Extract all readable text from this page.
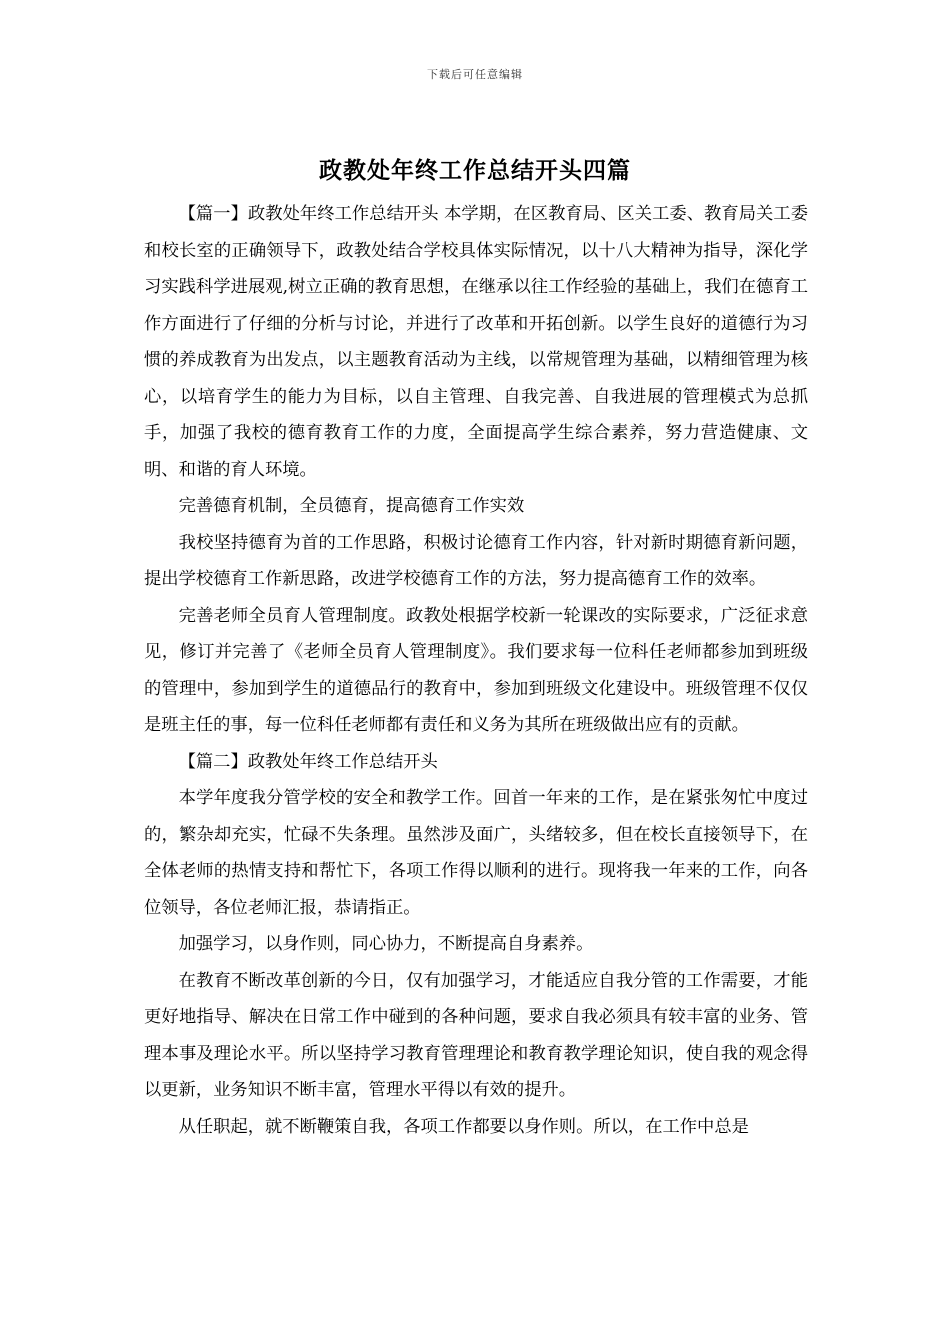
下载后可任意编辑
政教处年终工作总结开头四篇

【篇一】政教处年终工作总结开头 本学期，在区教育局、区关工委、教育局关工委和校长室的正确领导下，政教处结合学校具体实际情况，以十八大精神为指导，深化学习实践科学进展观,树立正确的教育思想，在继承以往工作经验的基础上，我们在德育工作方面进行了仔细的分析与讨论，并进行了改革和开拓创新。以学生良好的道德行为习惯的养成教育为出发点，以主题教育活动为主线，以常规管理为基础，以精细管理为核心，以培育学生的能力为目标，以自主管理、自我完善、自我进展的管理模式为总抓手，加强了我校的德育教育工作的力度，全面提高学生综合素养，努力营造健康、文明、和谐的育人环境。

完善德育机制，全员德育，提高德育工作实效

我校坚持德育为首的工作思路，积极讨论德育工作内容，针对新时期德育新问题，提出学校德育工作新思路，改进学校德育工作的方法，努力提高德育工作的效率。

完善老师全员育人管理制度。政教处根据学校新一轮课改的实际要求，广泛征求意见，修订并完善了《老师全员育人管理制度》。我们要求每一位科任老师都参加到班级的管理中，参加到学生的道德品行的教育中，参加到班级文化建设中。班级管理不仅仅是班主任的事，每一位科任老师都有责任和义务为其所在班级做出应有的贡献。

【篇二】政教处年终工作总结开头

本学年度我分管学校的安全和教学工作。回首一年来的工作，是在紧张匆忙中度过的，繁杂却充实，忙碌不失条理。虽然涉及面广，头绪较多，但在校长直接领导下，在全体老师的热情支持和帮忙下，各项工作得以顺利的进行。现将我一年来的工作，向各位领导，各位老师汇报，恭请指正。

加强学习，以身作则，同心协力，不断提高自身素养。

在教育不断改革创新的今日，仅有加强学习，才能适应自我分管的工作需要，才能更好地指导、解决在日常工作中碰到的各种问题，要求自我必须具有较丰富的业务、管理本事及理论水平。所以坚持学习教育管理理论和教育教学理论知识，使自我的观念得以更新，业务知识不断丰富，管理水平得以有效的提升。

从任职起，就不断鞭策自我，各项工作都要以身作则。所以，在工作中总是
